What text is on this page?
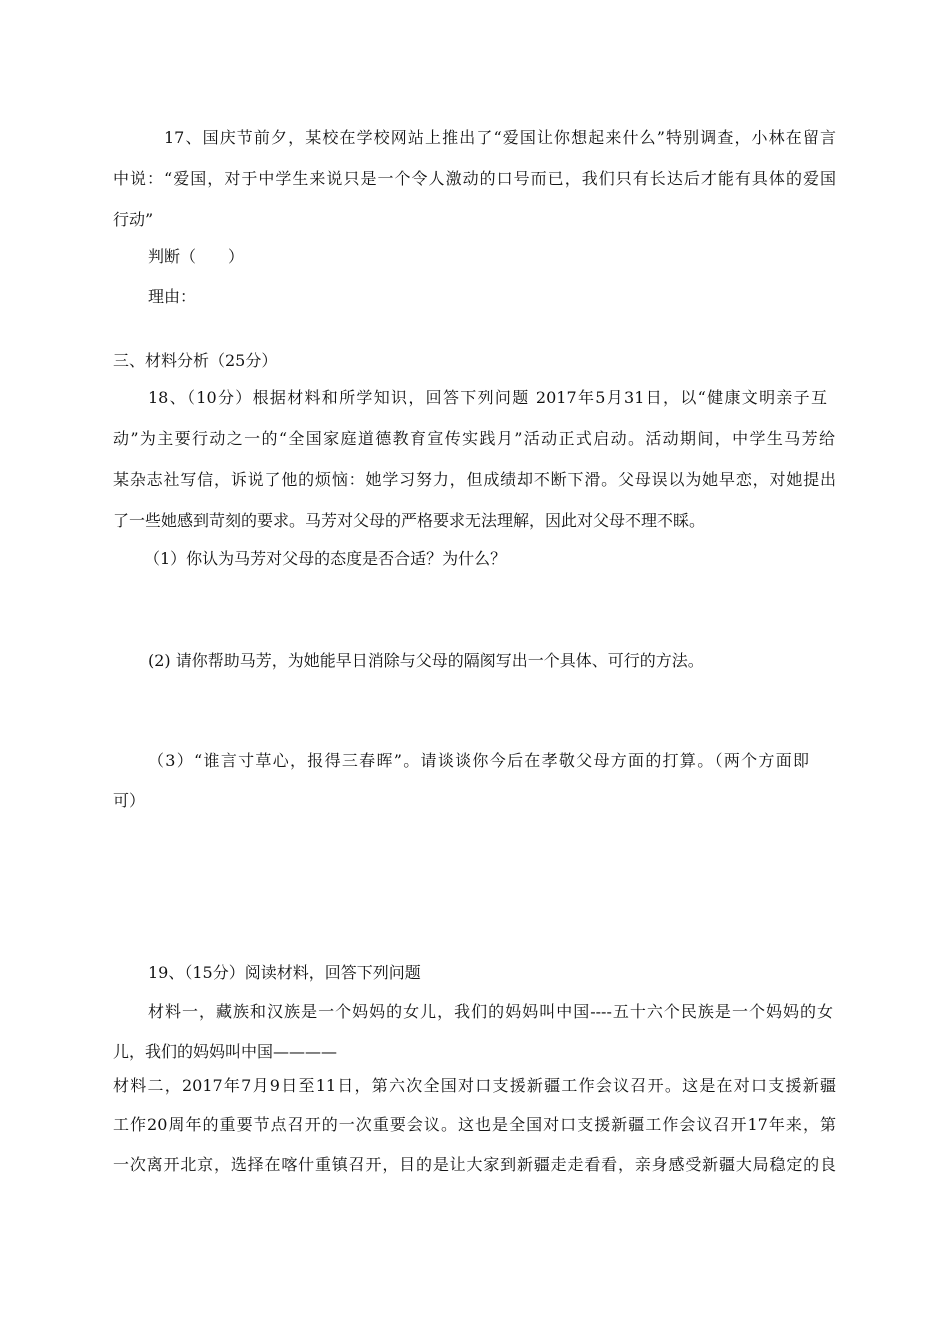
17、国庆节前夕，某校在学校网站上推出了“爱国让你想起来什么”特别调查，小林在留言
中说：“爱国，对于中学生来说只是一个令人激动的口号而已，我们只有长达后才能有具体的爱国
行动”
判断（　　）
理由：
三、材料分析（25分）
18、（10分）根据材料和所学知识，回答下列问题 2017年5月31日，以“健康文明亲子互
动”为主要行动之一的“全国家庭道德教育宣传实践月”活动正式启动。活动期间，中学生马芳给
某杂志社写信，诉说了他的烦恼：她学习努力，但成绩却不断下滑。父母误以为她早恋，对她提出
了一些她感到苛刻的要求。马芳对父母的严格要求无法理解，因此对父母不理不睬。
（1）你认为马芳对父母的态度是否合适？为什么？
(2) 请你帮助马芳，为她能早日消除与父母的隔阂写出一个具体、可行的方法。
（3）“谁言寸草心，报得三春晖”。请谈谈你今后在孝敬父母方面的打算。（两个方面即
可）
19、（15分）阅读材料，回答下列问题
材料一，藏族和汉族是一个妈妈的女儿，我们的妈妈叫中国----五十六个民族是一个妈妈的女
儿，我们的妈妈叫中国————
材料二，2017年7月9日至11日，第六次全国对口支援新疆工作会议召开。这是在对口支援新疆
工作20周年的重要节点召开的一次重要会议。这也是全国对口支援新疆工作会议召开17年来，第
一次离开北京，选择在喀什重镇召开，目的是让大家到新疆走走看看，亲身感受新疆大局稳定的良
